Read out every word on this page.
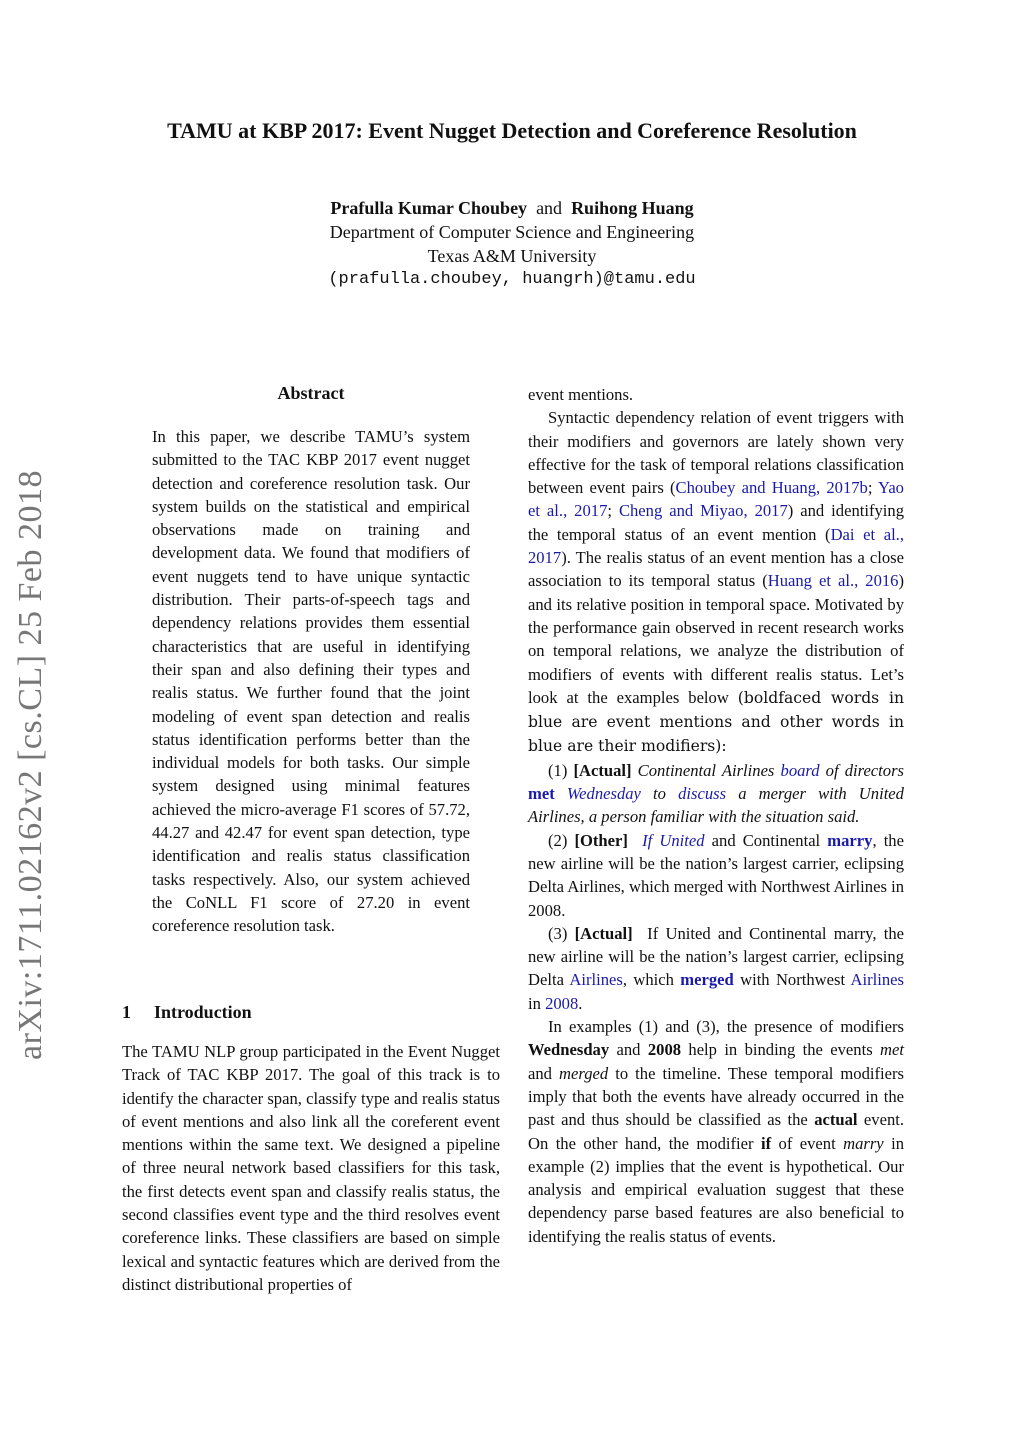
TAMU at KBP 2017: Event Nugget Detection and Coreference Resolution
Prafulla Kumar Choubey and Ruihong Huang
Department of Computer Science and Engineering
Texas A&M University
(prafulla.choubey, huangrh)@tamu.edu
arXiv:1711.02162v2 [cs.CL] 25 Feb 2018
Abstract
In this paper, we describe TAMU’s system submitted to the TAC KBP 2017 event nugget detection and coreference resolution task. Our system builds on the statistical and empirical observations made on training and development data. We found that modifiers of event nuggets tend to have unique syntactic distribution. Their parts-of-speech tags and dependency relations provides them essential characteristics that are useful in identifying their span and also defining their types and realis status. We further found that the joint modeling of event span detection and realis status identification performs better than the individual models for both tasks. Our simple system designed using minimal features achieved the micro-average F1 scores of 57.72, 44.27 and 42.47 for event span detection, type identification and realis status classification tasks respectively. Also, our system achieved the CoNLL F1 score of 27.20 in event coreference resolution task.
1 Introduction
The TAMU NLP group participated in the Event Nugget Track of TAC KBP 2017. The goal of this track is to identify the character span, classify type and realis status of event mentions and also link all the coreferent event mentions within the same text. We designed a pipeline of three neural network based classifiers for this task, the first detects event span and classify realis status, the second classifies event type and the third resolves event coreference links. These classifiers are based on simple lexical and syntactic features which are derived from the distinct distributional properties of

event mentions.

Syntactic dependency relation of event triggers with their modifiers and governors are lately shown very effective for the task of temporal relations classification between event pairs (Choubey and Huang, 2017b; Yao et al., 2017; Cheng and Miyao, 2017) and identifying the temporal status of an event mention (Dai et al., 2017). The realis status of an event mention has a close association to its temporal status (Huang et al., 2016) and its relative position in temporal space. Motivated by the performance gain observed in recent research works on temporal relations, we analyze the distribution of modifiers of events with different realis status. Let’s look at the examples below (boldfaced words in blue are event mentions and other words in blue are their modifiers):

(1) [Actual] Continental Airlines board of directors met Wednesday to discuss a merger with United Airlines, a person familiar with the situation said.

(2) [Other] If United and Continental marry, the new airline will be the nation’s largest carrier, eclipsing Delta Airlines, which merged with Northwest Airlines in 2008.

(3) [Actual] If United and Continental marry, the new airline will be the nation’s largest carrier, eclipsing Delta Airlines, which merged with Northwest Airlines in 2008.

In examples (1) and (3), the presence of modifiers Wednesday and 2008 help in binding the events met and merged to the timeline. These temporal modifiers imply that both the events have already occurred in the past and thus should be classified as the actual event. On the other hand, the modifier if of event marry in example (2) implies that the event is hypothetical. Our analysis and empirical evaluation suggest that these dependency parse based features are also beneficial to identifying the realis status of events.
